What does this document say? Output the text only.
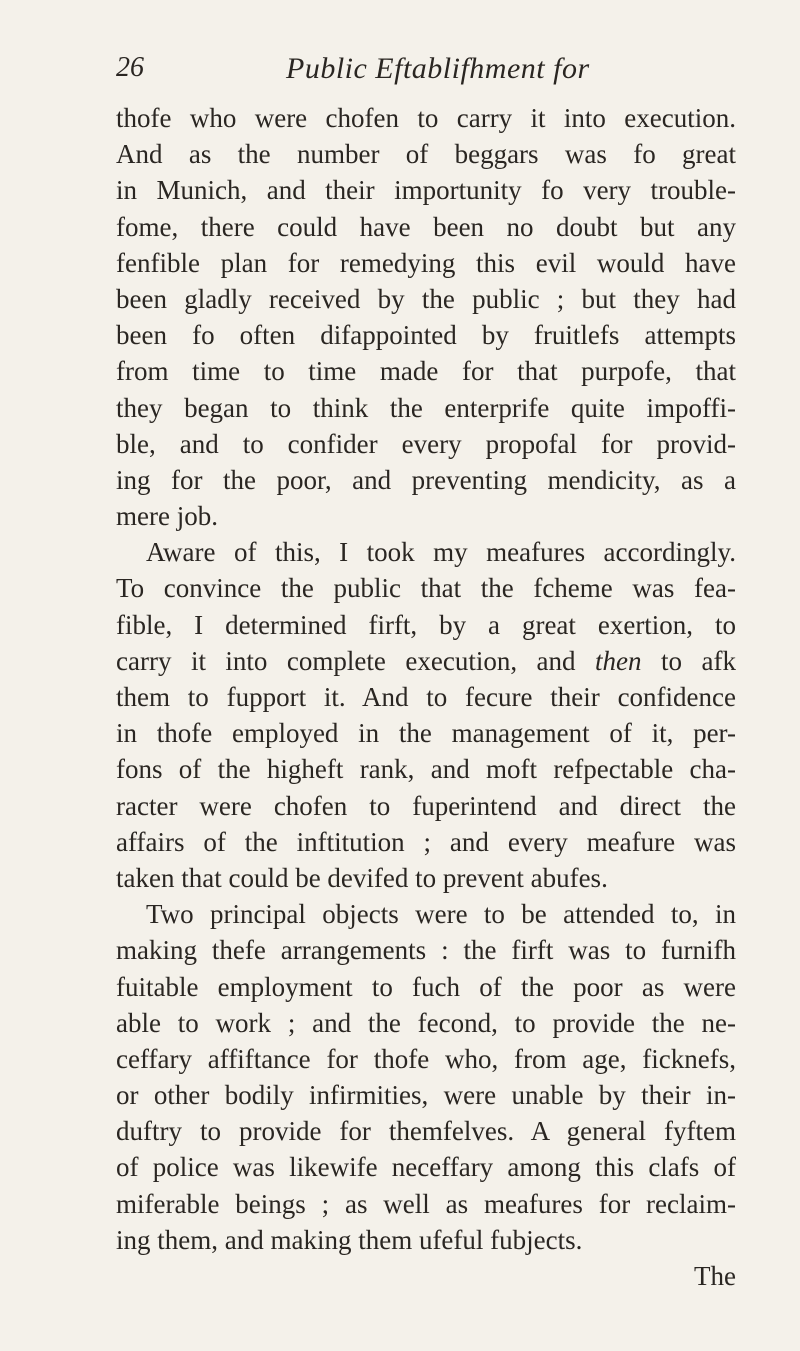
26	Public Eftablifhment for
thofe who were chofen to carry it into execution.
And as the number of beggars was fo great
in Munich, and their importunity fo very trouble-
fome, there could have been no doubt but any
fenfible plan for remedying this evil would have
been gladly received by the public ; but they had
been fo often difappointed by fruitlefs attempts
from time to time made for that purpofe, that
they began to think the enterprife quite impoffi-
ble, and to confider every propofal for provid-
ing for the poor, and preventing mendicity, as a
mere job.
Aware of this, I took my meafures accordingly.
To convince the public that the fcheme was fea-
fible, I determined firft, by a great exertion, to
carry it into complete execution, and then to afk
them to fupport it. And to fecure their confidence
in thofe employed in the management of it, per-
fons of the higheft rank, and moft refpectable cha-
racter were chofen to fuperintend and direct the
affairs of the inftitution ; and every meafure was
taken that could be devifed to prevent abufes.
Two principal objects were to be attended to, in
making thefe arrangements : the firft was to furnifh
fuitable employment to fuch of the poor as were
able to work ; and the fecond, to provide the ne-
ceffary affiftance for thofe who, from age, ficknefs,
or other bodily infirmities, were unable by their in-
duftry to provide for themfelves. A general fyftem
of police was likewife neceffary among this clafs of
miferable beings ; as well as meafures for reclaim-
ing them, and making them ufeful fubjects.
The
